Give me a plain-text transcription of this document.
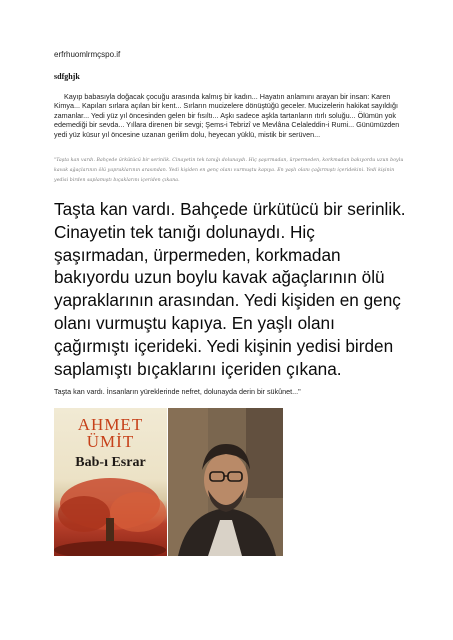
erfrhuomlrmçspo.if
sdfghjk
Kayıp babasıyla doğacak çocuğu arasında kalmış bir kadın... Hayatın anlamını arayan bir insan: Karen Kimya... Kapıları sırlara açılan bir kent... Sırların mucizelere dönüştüğü geceler. Mucizelerin hakikat sayıldığı zamanlar... Yedi yüz yıl öncesinden gelen bir fısıltı... Aşkı sadece aşkla tartanların ıtırlı soluğu... Ölümün yok edemediği bir sevda... Yıllara direnen bir sevgi; Şems-i Tebrizî ve Mevlâna Celaleddin-i Rumi... Günümüzden yedi yüz küsur yıl öncesine uzanan gerilim dolu, heyecan yüklü, mistik bir serüven...
"Taşta kan vardı. Bahçede ürkütücü bir serinlik. Cinayetin tek tanığı dolunaydı. Hiç şaşırmadan, ürpermeden, korkmadan bakıyordu uzun boylu kavak ağaçlarının ölü yapraklarının arasından. Yedi kişiden en genç olanı vurmuştu kapıya. En yaşlı olanı çağırmıştı içeridekini. Yedi kişinin yedisi birden saplamıştı bıçaklarını içeriden çıkana.
Taşta kan vardı. Bahçede ürkütücü bir serinlik. Cinayetin tek tanığı dolunaydı. Hiç şaşırmadan, ürpermeden, korkmadan bakıyordu uzun boylu kavak ağaçlarının ölü yapraklarının arasından. Yedi kişiden en genç olanı vurmuştu kapıya. En yaşlı olanı çağırmıştı içerideki. Yedi kişinin yedisi birden saplamıştı bıçaklarını içeriden çıkana.
Taşta kan vardı. İnsanların yüreklerinde nefret, dolunayda derin bir sükûnet..."
AHMET
ÜMİT
Bab-ı Esrar
